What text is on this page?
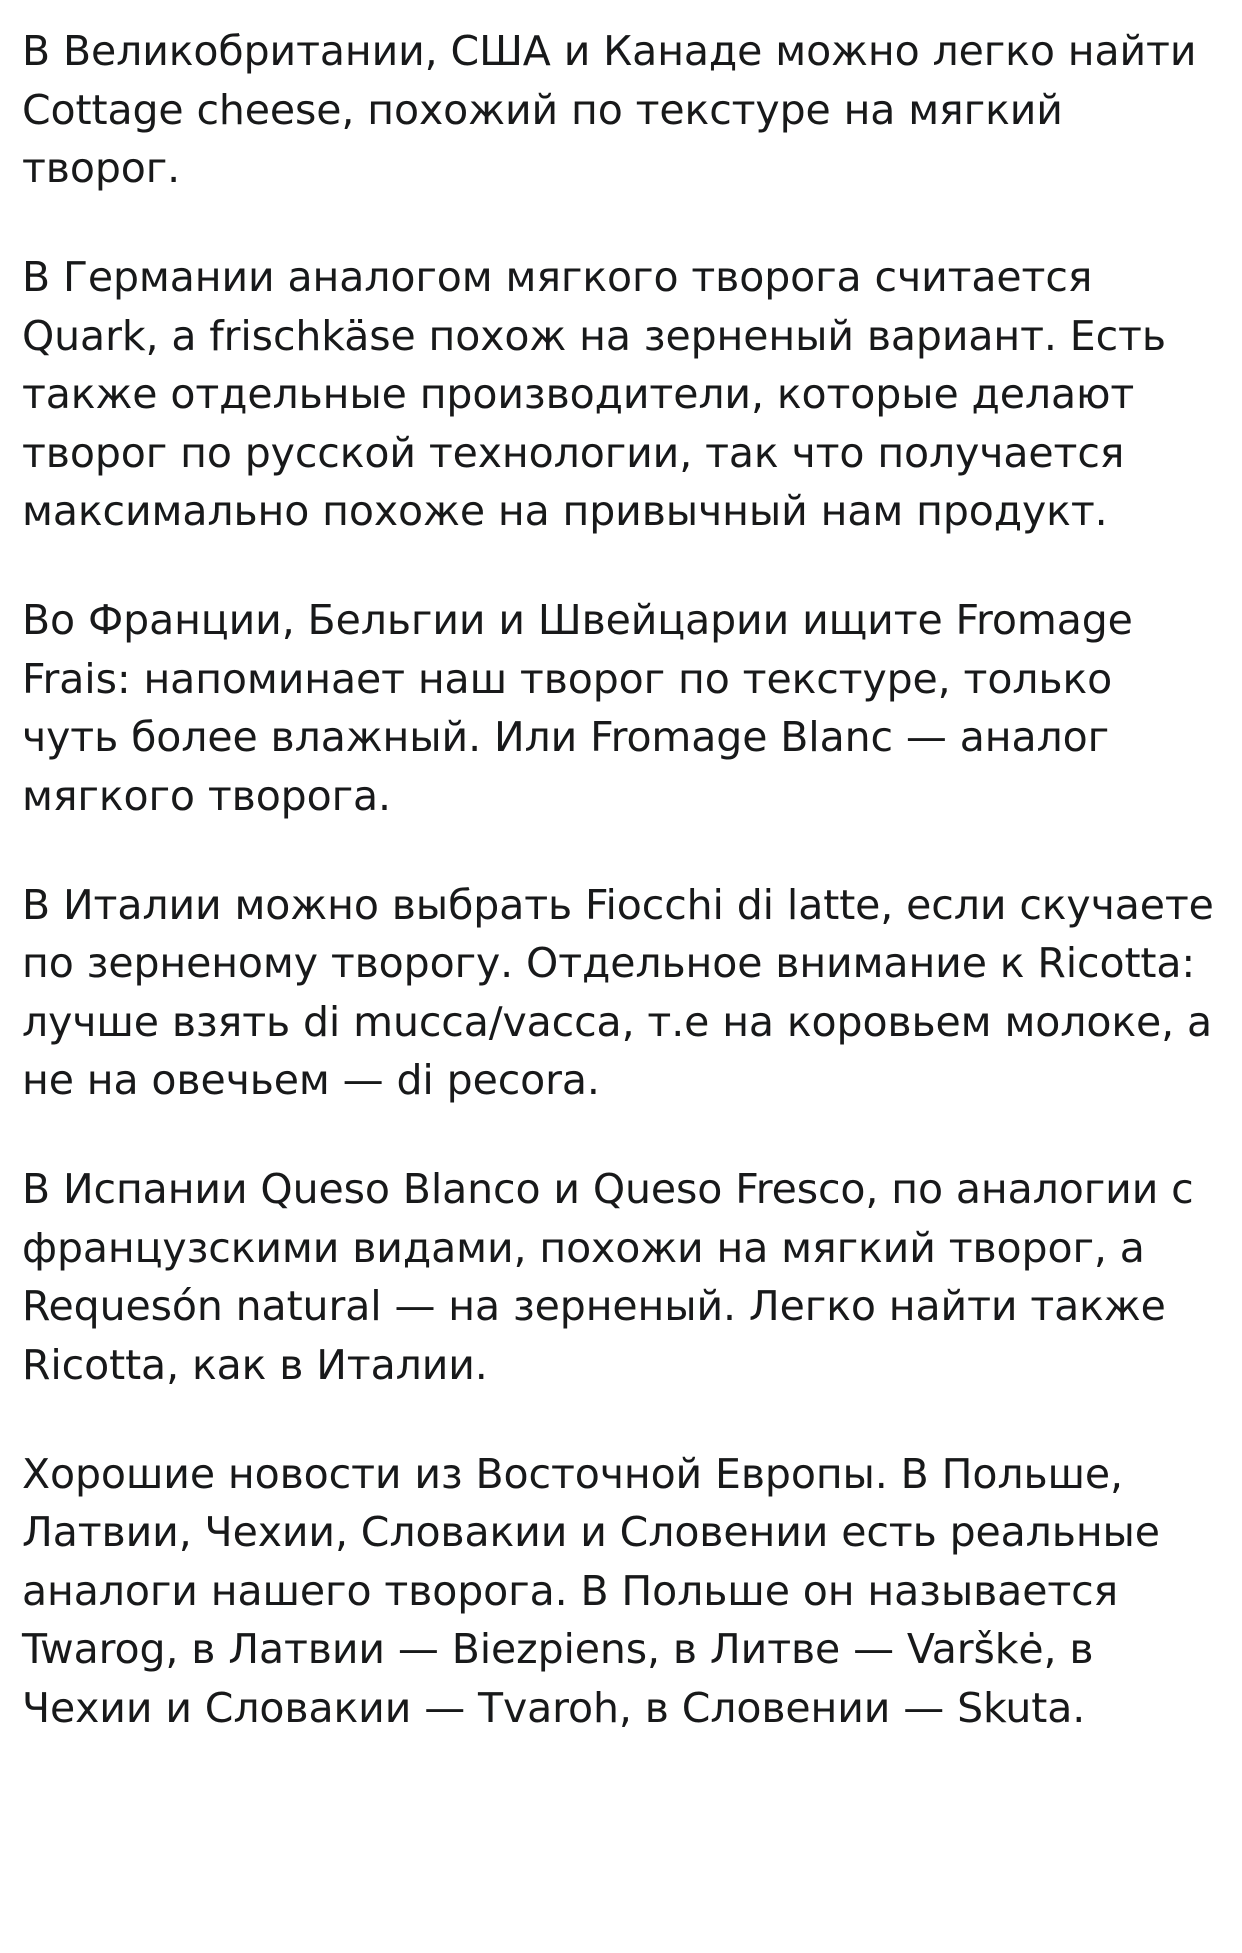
В Великобритании, США и Канаде можно легко найти Cottage cheese, похожий по текстуре на мягкий творог.

В Германии аналогом мягкого творога считается Quark, а frischkäse похож на зерненый вариант. Есть также отдельные производители, которые делают творог по русской технологии, так что получается максимально похоже на привычный нам продукт.

Во Франции, Бельгии и Швейцарии ищите Fromage Frais: напоминает наш творог по текстуре, только чуть более влажный. Или Fromage Blanc — аналог мягкого творога.

В Италии можно выбрать Fiocchi di latte, если скучаете по зерненому творогу. Отдельное внимание к Ricotta: лучше взять di mucca/vacca, т.е на коровьем молоке, а не на овечьем — di pecora.

В Испании Queso Blanco и Queso Fresco, по аналогии с французскими видами, похожи на мягкий творог, а Requesón natural — на зерненый. Легко найти также Ricotta, как в Италии.

Хорошие новости из Восточной Европы. В Польше, Латвии, Чехии, Словакии и Словении есть реальные аналоги нашего творога. В Польше он называется Twarog, в Латвии — Biezpiens, в Литве — Varškė, в Чехии и Словакии — Tvaroh, в Словении — Skuta.
